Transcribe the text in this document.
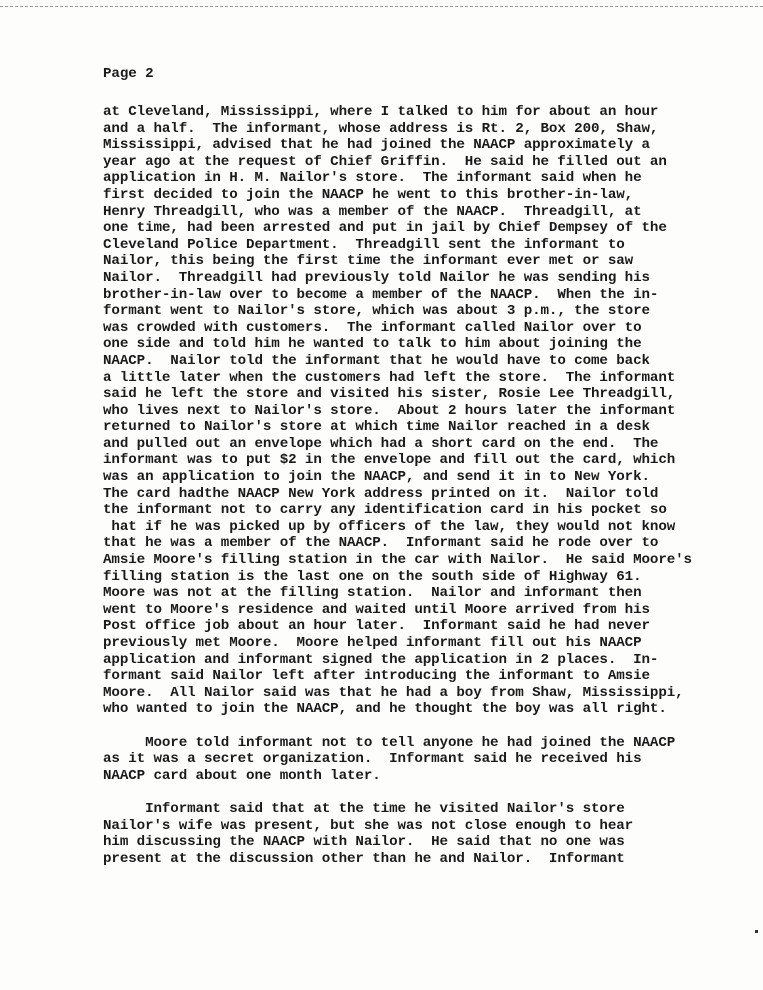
Page 2
at Cleveland, Mississippi, where I talked to him for about an hour
and a half.  The informant, whose address is Rt. 2, Box 200, Shaw,
Mississippi, advised that he had joined the NAACP approximately a
year ago at the request of Chief Griffin.  He said he filled out an
application in H. M. Nailor's store.  The informant said when he
first decided to join the NAACP he went to this brother-in-law,
Henry Threadgill, who was a member of the NAACP.  Threadgill, at
one time, had been arrested and put in jail by Chief Dempsey of the
Cleveland Police Department.  Threadgill sent the informant to
Nailor, this being the first time the informant ever met or saw
Nailor.  Threadgill had previously told Nailor he was sending his
brother-in-law over to become a member of the NAACP.  When the in-
formant went to Nailor's store, which was about 3 p.m., the store
was crowded with customers.  The informant called Nailor over to
one side and told him he wanted to talk to him about joining the
NAACP.  Nailor told the informant that he would have to come back
a little later when the customers had left the store.  The informant
said he left the store and visited his sister, Rosie Lee Threadgill,
who lives next to Nailor's store.  About 2 hours later the informant
returned to Nailor's store at which time Nailor reached in a desk
and pulled out an envelope which had a short card on the end.  The
informant was to put $2 in the envelope and fill out the card, which
was an application to join the NAACP, and send it in to New York.
The card hadthe NAACP New York address printed on it.  Nailor told
the informant not to carry any identification card in his pocket so
hat if he was picked up by officers of the law, they would not know
that he was a member of the NAACP.  Informant said he rode over to
Amsie Moore's filling station in the car with Nailor.  He said Moore's
filling station is the last one on the south side of Highway 61.
Moore was not at the filling station.  Nailor and informant then
went to Moore's residence and waited until Moore arrived from his
Post office job about an hour later.  Informant said he had never
previously met Moore.  Moore helped informant fill out his NAACP
application and informant signed the application in 2 places.  In-
formant said Nailor left after introducing the informant to Amsie
Moore.  All Nailor said was that he had a boy from Shaw, Mississippi,
who wanted to join the NAACP, and he thought the boy was all right.
Moore told informant not to tell anyone he had joined the NAACP
as it was a secret organization.  Informant said he received his
NAACP card about one month later.
Informant said that at the time he visited Nailor's store
Nailor's wife was present, but she was not close enough to hear
him discussing the NAACP with Nailor.  He said that no one was
present at the discussion other than he and Nailor.  Informant
